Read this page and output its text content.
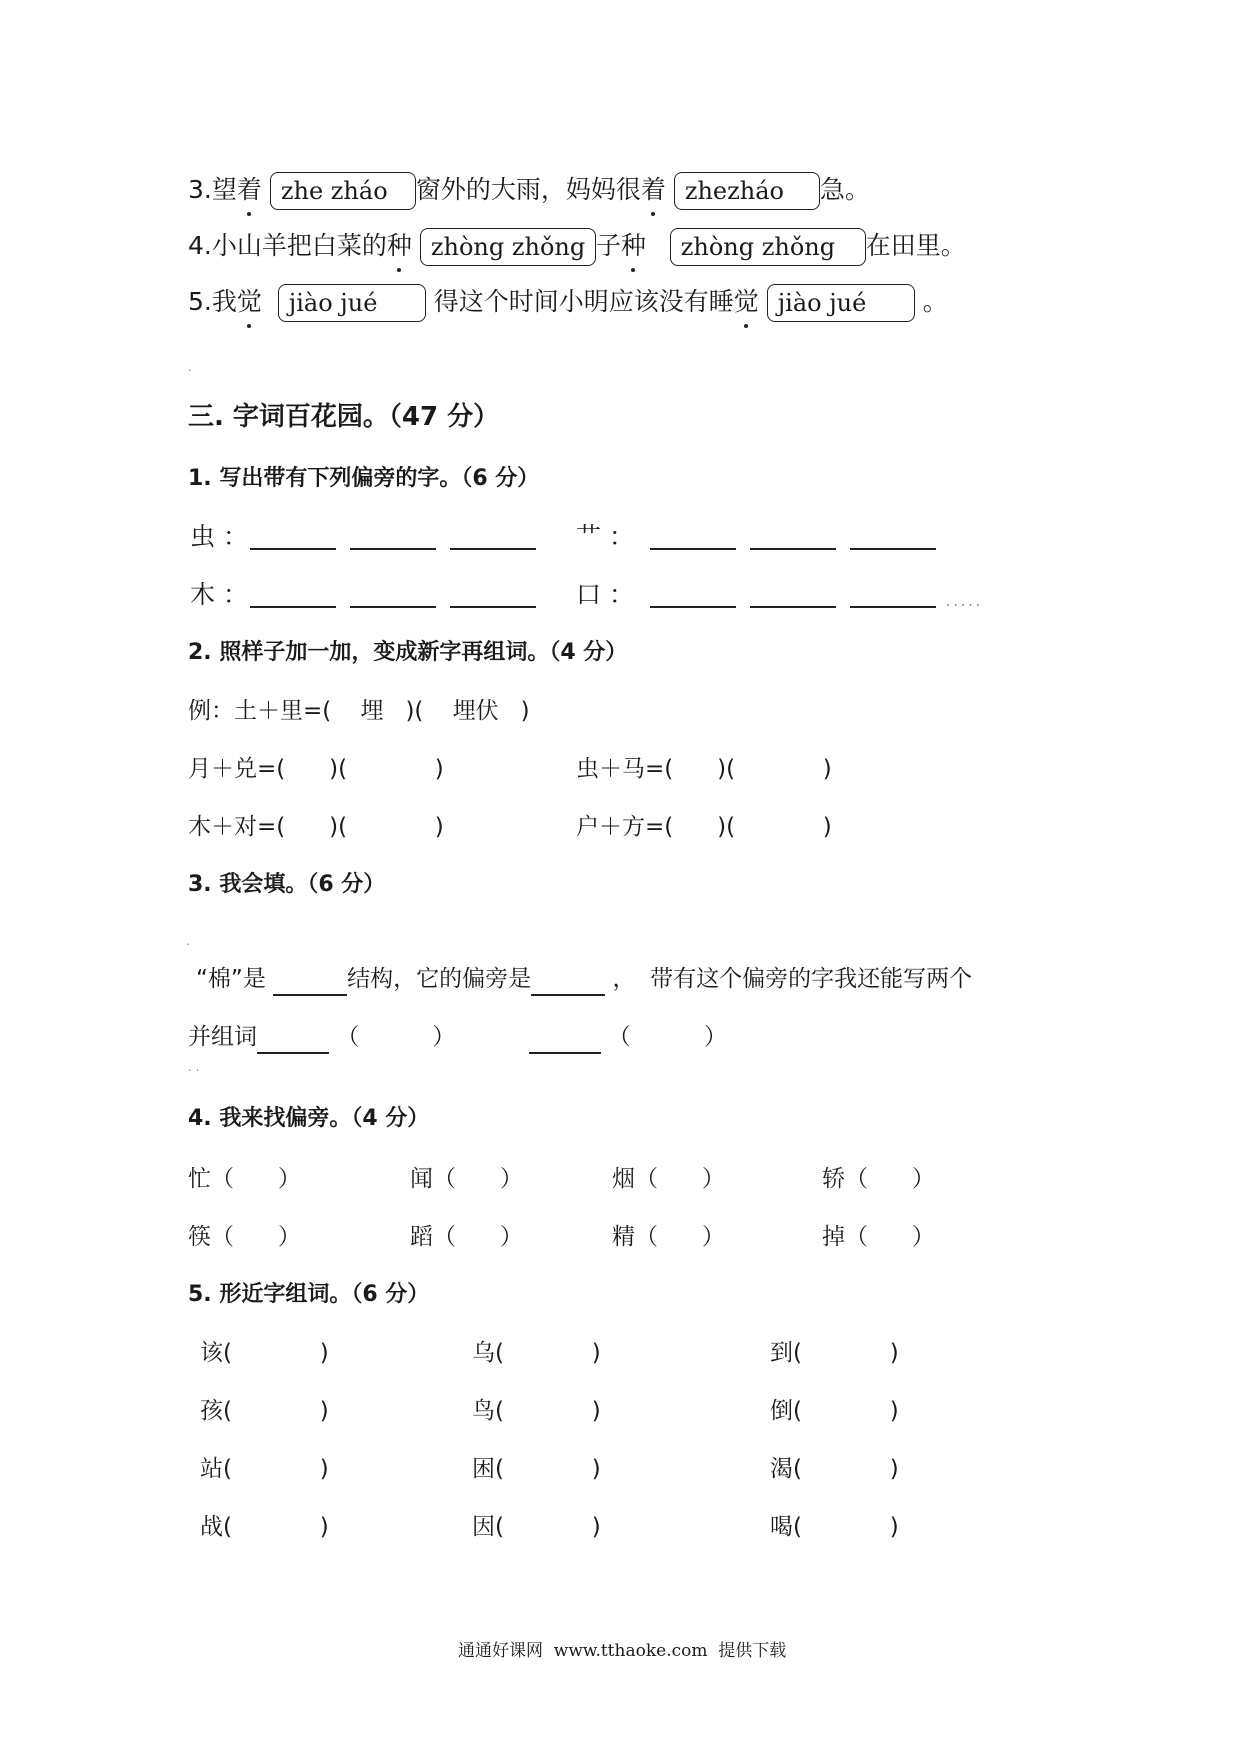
3.望着 zhe zháo 窗外的大雨，妈妈很着 zhezháo 急。
4.小山羊把白菜的种 zhòng zhǒng 子种 zhòng zhǒng 在田里。
5.我觉 jiào jué 得这个时间小明应该没有睡觉 jiào jué 。
.
三. 字词百花园。（47 分）
1. 写出带有下列偏旁的字。（6 分）
虫 ：	艹 ：
木 ：	口 ：	.....
2. 照样子加一加，变成新字再组词。（4 分）
例：土＋里=( 埋 )( 埋伏 )
月＋兑=(      )(            )	虫＋马=(      )(            )
木＋对=(      )(            )	户＋方=(      )(            )
3. 我会填。（6 分）
.

“棉”是	结构，它的偏旁是	，  带有这个偏旁的字我还能写两个

并组词	（          ）	（          ）

. .
4. 我来找偏旁。（4 分）
忙（      ）	闻（      ）	烟（      ）	轿（      ）
筷（      ）	蹈（      ）	精（      ）	掉（      ）
5. 形近字组词。（6 分）
该(            )	乌(            )	到(            )
孩(            )	鸟(            )	倒(            )
站(            )	困(            )	渴(            )
战(            )	因(            )	喝(            )
通通好课网  www.tthaoke.com  提供下载
